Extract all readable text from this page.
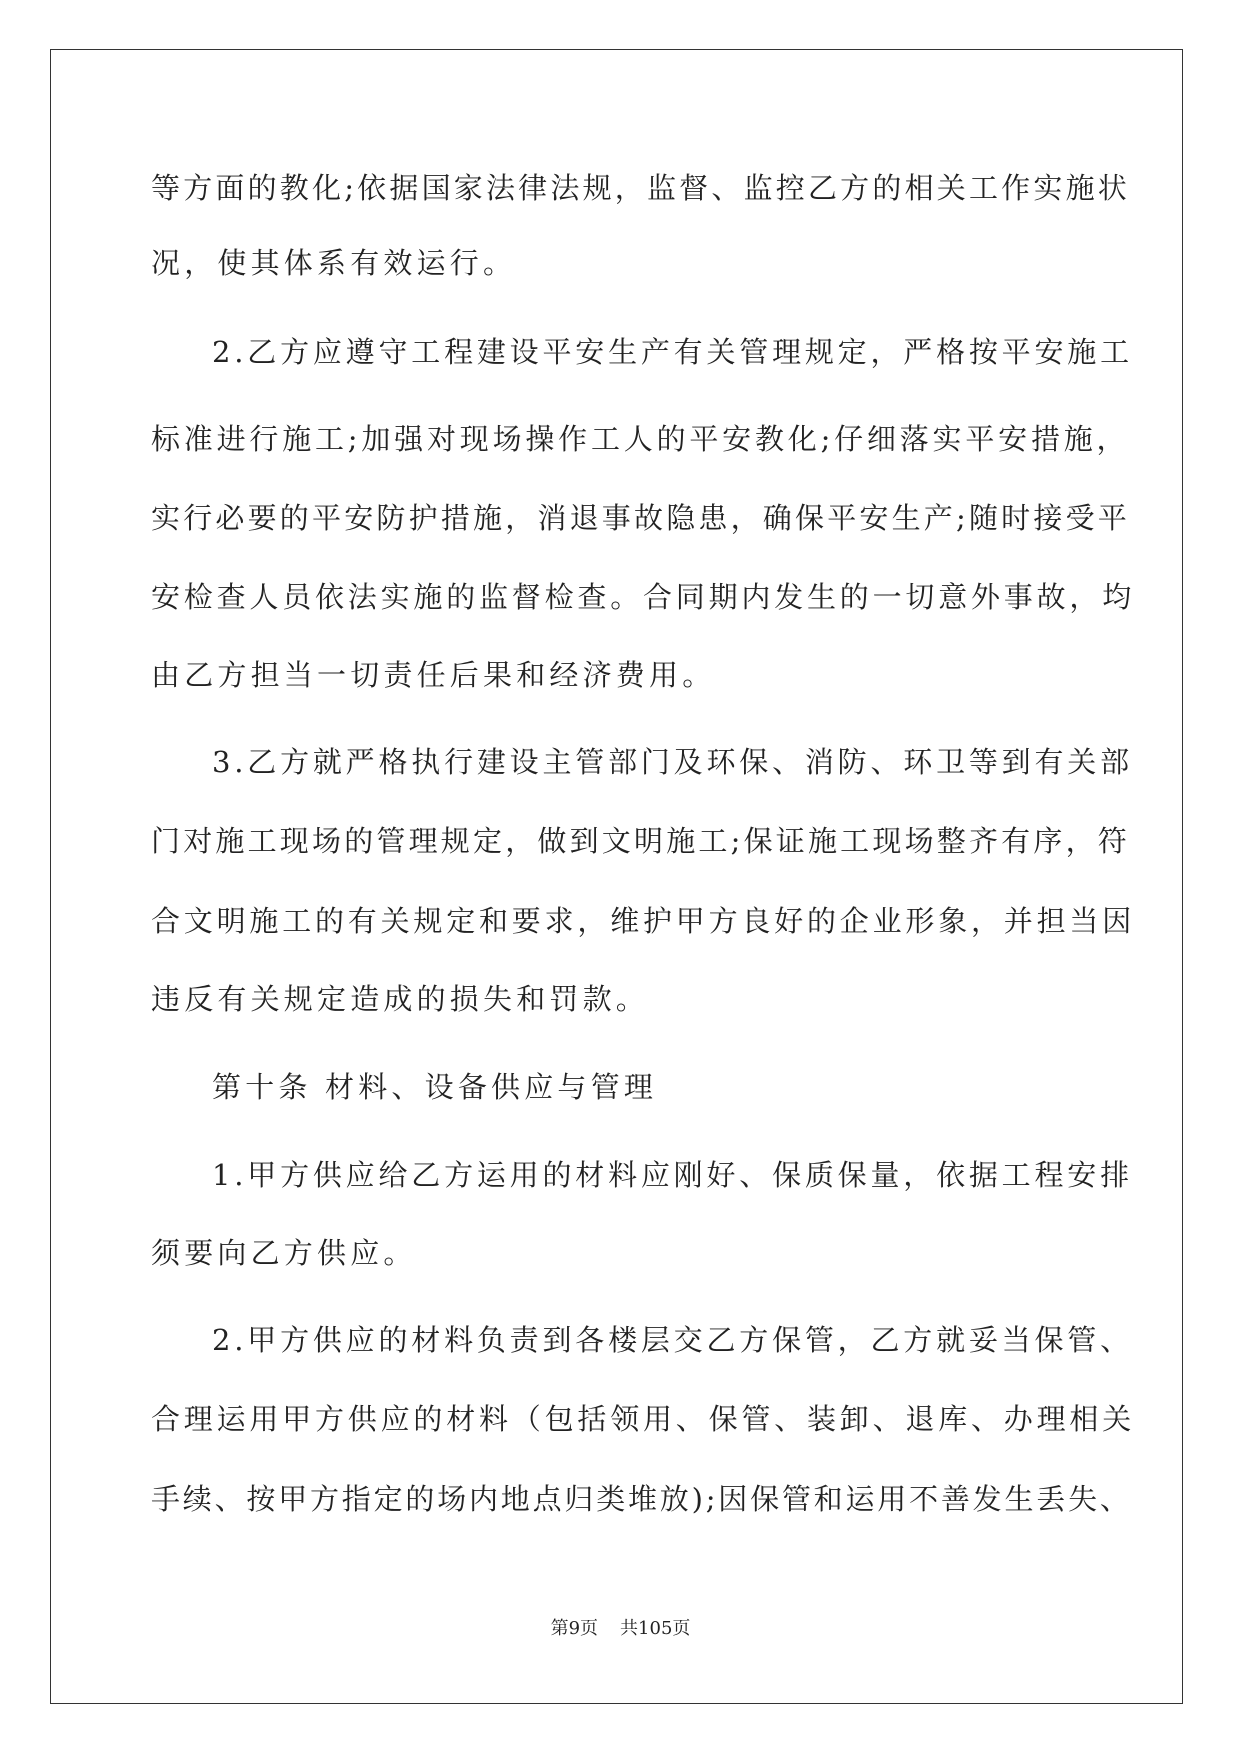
等方面的教化;依据国家法律法规，监督、监控乙方的相关工作实施状

况，使其体系有效运行。

2.乙方应遵守工程建设平安生产有关管理规定，严格按平安施工

标准进行施工;加强对现场操作工人的平安教化;仔细落实平安措施，

实行必要的平安防护措施，消退事故隐患，确保平安生产;随时接受平

安检查人员依法实施的监督检查。合同期内发生的一切意外事故，均

由乙方担当一切责任后果和经济费用。

3.乙方就严格执行建设主管部门及环保、消防、环卫等到有关部

门对施工现场的管理规定，做到文明施工;保证施工现场整齐有序，符

合文明施工的有关规定和要求，维护甲方良好的企业形象，并担当因

违反有关规定造成的损失和罚款。

第十条 材料、设备供应与管理

1.甲方供应给乙方运用的材料应刚好、保质保量，依据工程安排

须要向乙方供应。

2.甲方供应的材料负责到各楼层交乙方保管，乙方就妥当保管、

合理运用甲方供应的材料（包括领用、保管、装卸、退库、办理相关

手续、按甲方指定的场内地点归类堆放);因保管和运用不善发生丢失、

第9页 共105页
